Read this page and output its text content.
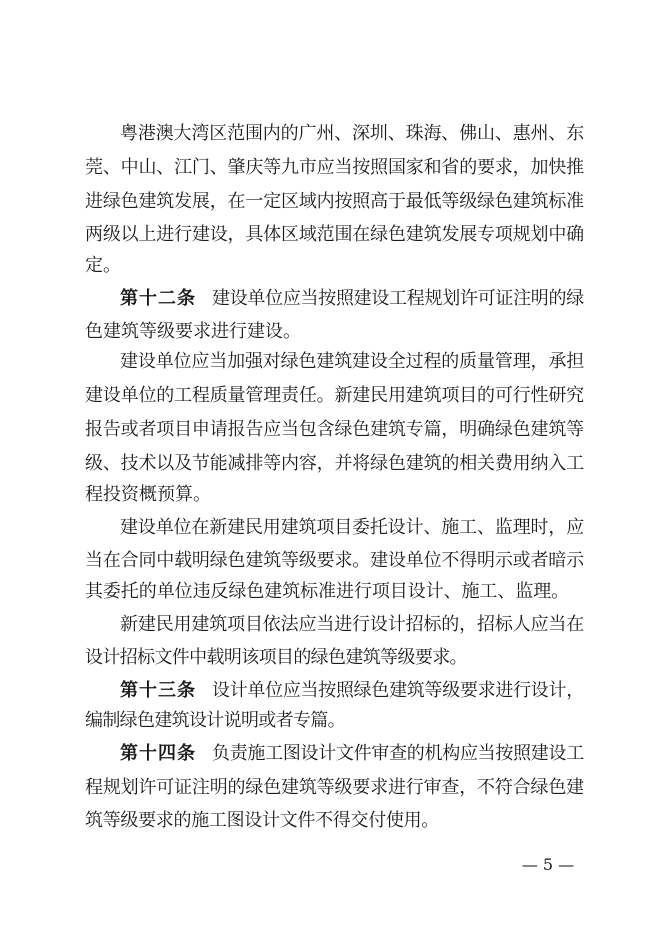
粤港澳大湾区范围内的广州、深圳、珠海、佛山、惠州、东
莞、中山、江门、肇庆等九市应当按照国家和省的要求，加快推
进绿色建筑发展，在一定区域内按照高于最低等级绿色建筑标准
两级以上进行建设，具体区域范围在绿色建筑发展专项规划中确
定。
第十二条 建设单位应当按照建设工程规划许可证注明的绿
色建筑等级要求进行建设。
建设单位应当加强对绿色建筑建设全过程的质量管理，承担
建设单位的工程质量管理责任。新建民用建筑项目的可行性研究
报告或者项目申请报告应当包含绿色建筑专篇，明确绿色建筑等
级、技术以及节能减排等内容，并将绿色建筑的相关费用纳入工
程投资概预算。
建设单位在新建民用建筑项目委托设计、施工、监理时，应
当在合同中载明绿色建筑等级要求。建设单位不得明示或者暗示
其委托的单位违反绿色建筑标准进行项目设计、施工、监理。
新建民用建筑项目依法应当进行设计招标的，招标人应当在
设计招标文件中载明该项目的绿色建筑等级要求。
第十三条 设计单位应当按照绿色建筑等级要求进行设计，
编制绿色建筑设计说明或者专篇。
第十四条 负责施工图设计文件审查的机构应当按照建设工
程规划许可证注明的绿色建筑等级要求进行审查，不符合绿色建
筑等级要求的施工图设计文件不得交付使用。
— 5 —
